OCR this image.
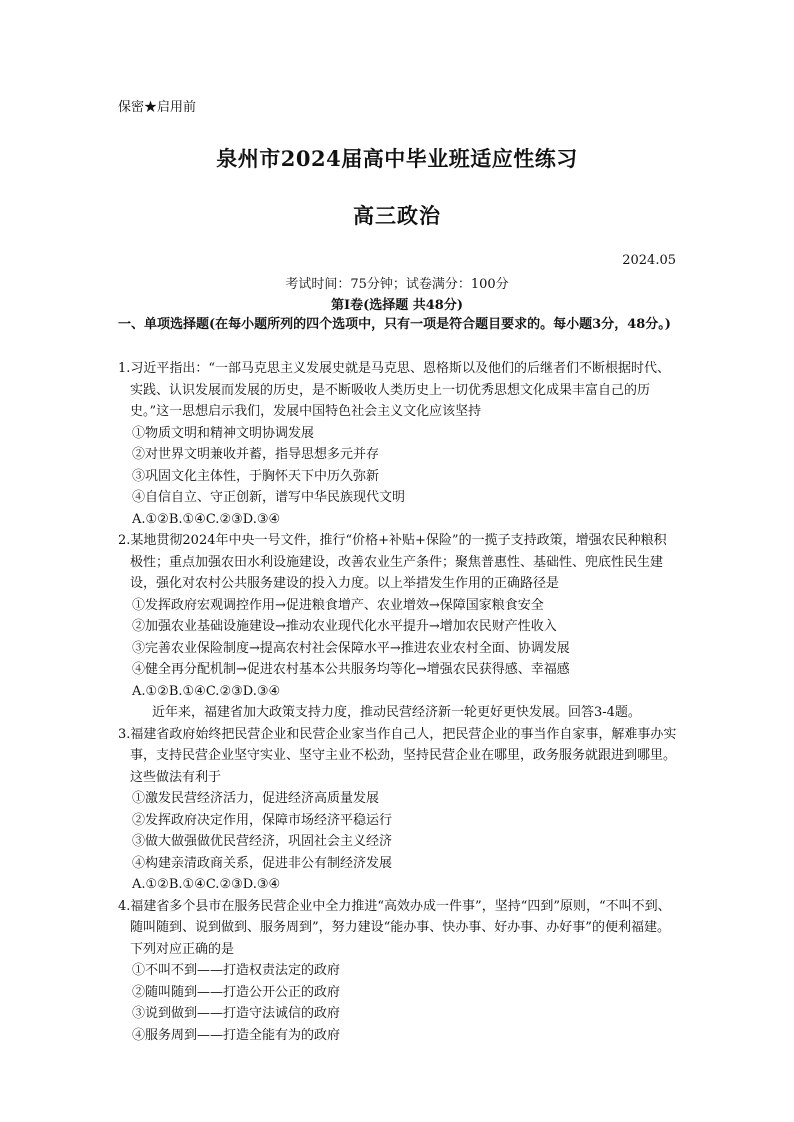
保密★启用前
泉州市2024届高中毕业班适应性练习
高三政治
2024.05
考试时间：75分钟；试卷满分：100分
第I卷(选择题 共48分)
一、单项选择题(在每小题所列的四个选项中，只有一项是符合题目要求的。每小题3分，48分。)

1.习近平指出：“一部马克思主义发展史就是马克思、恩格斯以及他们的后继者们不断根据时代、实践、认识发展而发展的历史，是不断吸收人类历史上一切优秀思想文化成果丰富自己的历史。”这一思想启示我们，发展中国特色社会主义文化应该坚持

①物质文明和精神文明协调发展

②对世界文明兼收并蓄，指导思想多元并存

③巩固文化主体性，于胸怀天下中历久弥新

④自信自立、守正创新，谱写中华民族现代文明

A.①②B.①④C.②③D.③④

2.某地贯彻2024年中央一号文件，推行“价格+补贴+保险”的一揽子支持政策，增强农民种粮积极性；重点加强农田水利设施建设，改善农业生产条件；聚焦普惠性、基础性、兜底性民生建设，强化对农村公共服务建设的投入力度。以上举措发生作用的正确路径是

①发挥政府宏观调控作用→促进粮食增产、农业增效→保障国家粮食安全

②加强农业基础设施建设→推动农业现代化水平提升→增加农民财产性收入

③完善农业保险制度→提高农村社会保障水平→推进农业农村全面、协调发展

④健全再分配机制→促进农村基本公共服务均等化→增强农民获得感、幸福感

A.①②B.①④C.②③D.③④

近年来，福建省加大政策支持力度，推动民营经济新一轮更好更快发展。回答3-4题。

3.福建省政府始终把民营企业和民营企业家当作自己人，把民营企业的事当作自家事，解难事办实事，支持民营企业坚守实业、坚守主业不松劲，坚持民营企业在哪里，政务服务就跟进到哪里。这些做法有利于

①激发民营经济活力，促进经济高质量发展

②发挥政府决定作用，保障市场经济平稳运行

③做大做强做优民营经济，巩固社会主义经济

④构建亲清政商关系，促进非公有制经济发展

A.①②B.①④C.②③D.③④

4.福建省多个县市在服务民营企业中全力推进“高效办成一件事”，坚持“四到”原则，“不叫不到、随叫随到、说到做到、服务周到”，努力建设“能办事、快办事、好办事、办好事”的便利福建。下列对应正确的是

①不叫不到——打造权责法定的政府

②随叫随到——打造公开公正的政府

③说到做到——打造守法诚信的政府

④服务周到——打造全能有为的政府
